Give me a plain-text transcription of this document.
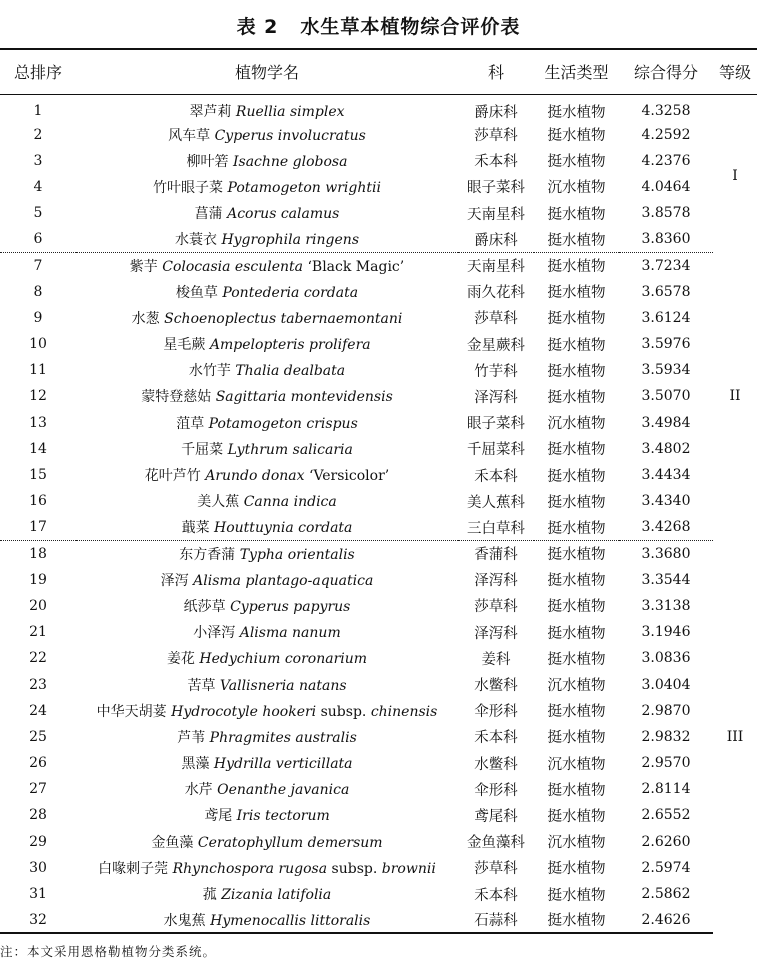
表 2 水生草本植物综合评价表
总排序	植物学名	科	生活类型	综合得分	等级
1	翠芦莉 Ruellia simplex	爵床科	挺水植物	4.3258	I
2	风车草 Cyperus involucratus	莎草科	挺水植物	4.2592	
3	柳叶箬 Isachne globosa	禾本科	挺水植物	4.2376	
4	竹叶眼子菜 Potamogeton wrightii	眼子菜科	沉水植物	4.0464	
5	菖蒲 Acorus calamus	天南星科	挺水植物	3.8578	
6	水蓑衣 Hygrophila ringens	爵床科	挺水植物	3.8360	
7	紫芋 Colocasia esculenta ‘Black Magic’	天南星科	挺水植物	3.7234	II
8	梭鱼草 Pontederia cordata	雨久花科	挺水植物	3.6578	
9	水葱 Schoenoplectus tabernaemontani	莎草科	挺水植物	3.6124	
10	星毛蕨 Ampelopteris prolifera	金星蕨科	挺水植物	3.5976	
11	水竹芋 Thalia dealbata	竹芋科	挺水植物	3.5934	
12	蒙特登慈姑 Sagittaria montevidensis	泽泻科	挺水植物	3.5070	
13	菹草 Potamogeton crispus	眼子菜科	沉水植物	3.4984	
14	千屈菜 Lythrum salicaria	千屈菜科	挺水植物	3.4802	
15	花叶芦竹 Arundo donax ‘Versicolor’	禾本科	挺水植物	3.4434	
16	美人蕉 Canna indica	美人蕉科	挺水植物	3.4340	
17	蕺菜 Houttuynia cordata	三白草科	挺水植物	3.4268	
18	东方香蒲 Typha orientalis	香蒲科	挺水植物	3.3680	III
19	泽泻 Alisma plantago-aquatica	泽泻科	挺水植物	3.3544	
20	纸莎草 Cyperus papyrus	莎草科	挺水植物	3.3138	
21	小泽泻 Alisma nanum	泽泻科	挺水植物	3.1946	
22	姜花 Hedychium coronarium	姜科	挺水植物	3.0836	
23	苦草 Vallisneria natans	水鳖科	沉水植物	3.0404	
24	中华天胡荽 Hydrocotyle hookeri subsp. chinensis	伞形科	挺水植物	2.9870	
25	芦苇 Phragmites australis	禾本科	挺水植物	2.9832	
26	黑藻 Hydrilla verticillata	水鳖科	沉水植物	2.9570	
27	水芹 Oenanthe javanica	伞形科	挺水植物	2.8114	
28	鸢尾 Iris tectorum	鸢尾科	挺水植物	2.6552	
29	金鱼藻 Ceratophyllum demersum	金鱼藻科	沉水植物	2.6260	
30	白喙刺子莞 Rhynchospora rugosa subsp. brownii	莎草科	挺水植物	2.5974	
31	菰 Zizania latifolia	禾本科	挺水植物	2.5862	
32	水鬼蕉 Hymenocallis littoralis	石蒜科	挺水植物	2.4626	
注：本文采用恩格勒植物分类系统。
